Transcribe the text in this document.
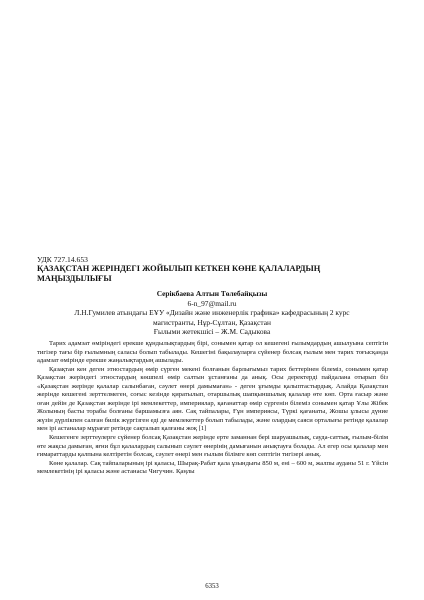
УДК 727.14.653
ҚАЗАҚСТАН ЖЕРІНДЕГІ ЖОЙЫЛЫП КЕТКЕН КӨНЕ ҚАЛАЛАРДЫҢ МАҢЫЗДЫЛЫҒЫ
Серікбаева Алтын Төлебайқызы
6-n_97@mail.ru
Л.Н.Гумилев атындағы ЕҰУ «Дизайн және инженерлік графика» кафедрасының 2 курс
магистранты, Нұр-Сұлтан, Қазақстан
Ғылыми жетекшісі – Ж.М. Садыкова

Тарих адамзат өміріндегі ерекше құндылықтардың бірі, сонымен қатар ол кешегені ғылымдардың ашылуына септігін тигізер тағы бір ғылымның саласы болып табылады. Кешегіні бақылауларға сүйенер болсақ ғылым мен тарих тоғысқанда адамзат өмірінде ерекше жаңалықтардың ашылады.

Қазақтан кен деген этностардың өмір сүрген мекені болғанын барлығымыз тарих беттерінен білеміз, сонымен қатар Қазақстан жеріндегі этностардың көшпелі өмір салтын ұстанғаны да анық. Осы деректерді пайдалана отырып біз «Қазақстан жерінде қалалар салынбаған, сәулет өнері дамымаған» - деген ұғымды қалыптастырдық. Алайда Қазақстан жерінде кешегені зерттелмеген, соғыс кезінде қиратылып, отаршылық шапқыншылық қалалар өте көп. Орта ғасыр және оған дейін де Қазақстан жерінде ірі мемлекеттер, империялар, қағанаттар өмір сүргенін білеміз сонымен қатар Ұлы Жібек Жолының басты торабы болғаны баршамызға аян. Сақ тайпалары, Ғұн империясы, Түркі қағанаты, Жошы ұлысы дүние жүзін дүрлікпен салған билік жүргізген еді де мемлекеттер болып табылады, және олардың саяси орталығы ретінде қалалар мен ірі астаналар мұрағат ретінде сақталып қалғаны жоқ [1]

Кешегенге зерттеулерге сүйенер болсақ Қазақстан жерінде ерте заманнан бері шаруашылық, сауда-саттық, ғылым-білім өте жақсы дамыған, яғни бұл қалалардың салынып сәулет өнерінің дамығанын анықтауға болады. Ал егер осы қалалар мен ғимараттарды қалпына келтіретін болсақ, сәулет өнері мен ғылым білімге көп септігін тигізері анық.

Көне қалалар. Сақ тайпаларының ірі қаласы, Шырақ-Рабат қала ұзындығы 850 м, ені – 600 м, жалпы ауданы 51 г. Үйсін мемлекетінің ірі қаласы және астанасы Чигучин. Қаңлы

6353
